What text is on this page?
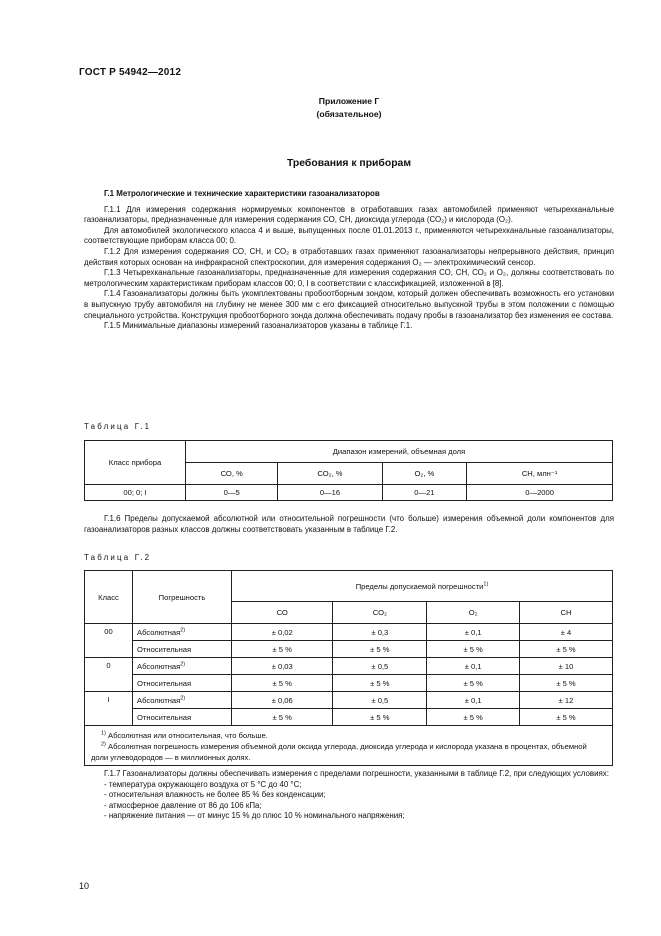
ГОСТ Р 54942—2012
Приложение Г
(обязательное)
Требования к приборам

Г.1 Метрологические и технические характеристики газоанализаторов

Г.1.1 Для измерения содержания нормируемых компонентов в отработавших газах автомобилей применяют четырехканальные газоанализаторы, предназначенные для измерения содержания СО, СН, диоксида углерода (СО₂) и кислорода (О₂).

Для автомобилей экологического класса 4 и выше, выпущенных после 01.01.2013 г., применяются четырехканальные газоанализаторы, соответствующие приборам класса 00; 0.

Г.1.2 Для измерения содержания СО, СН, и СО₂ в отработавших газах применяют газоанализаторы непрерывного действия, принцип действия которых основан на инфракрасной спектроскопии, для измерения содержания О₂ — электрохимический сенсор.

Г.1.3 Четырехканальные газоанализаторы, предназначенные для измерения содержания СО, СН, СО₂ и О₂, должны соответствовать по метрологическим характеристикам приборам классов 00; 0, I в соответствии с классификацией, изложенной в [8].

Г.1.4 Газоанализаторы должны быть укомплектованы пробоотборным зондом, который должен обеспечивать возможность его установки в выпускную трубу автомобиля на глубину не менее 300 мм с его фиксацией относительно выпускной трубы в этом положении с помощью специального устройства. Конструкция пробоотборного зонда должна обеспечивать подачу пробы в газоанализатор без изменения ее состава.

Г.1.5 Минимальные диапазоны измерений газоанализаторов указаны в таблице Г.1.

Таблица Г.1
Класс прибора	Диапазон измерений, объемная доля			
	СО, %	СО₂, %	О₂, %	СН, млн⁻¹
00; 0; I	0—5	0—16	0—21	0—2000

Г.1.6 Пределы допускаемой абсолютной или относительной погрешности (что больше) измерения объемной доли компонентов для газоанализаторов разных классов должны соответствовать указанным в таблице Г.2.

Таблица Г.2
Класс	Погрешность	Пределы допускаемой погрешности$^{1)}$
		СО	СО₂	О₂	СН
00	Абсолютная$^{2)}$	± 0,02	± 0,3	± 0,1	± 4
	Относительная	± 5 %	± 5 %	± 5 %	± 5 %
0	Абсолютная$^{2)}$	± 0,03	± 0,5	± 0,1	± 10
	Относительная	± 5 %	± 5 %	± 5 %	± 5 %
I	Абсолютная$^{2)}$	± 0,06	± 0,5	± 0,1	± 12
	Относительная	± 5 %	± 5 %	± 5 %	± 5 %

$^{1)}$ Абсолютная или относительная, что больше.
$^{2)}$ Абсолютная погрешность измерения объемной доли оксида углерода, диоксида углерода и кислорода указана в процентах, объемной доли углеводородов — в миллионных долях.					

Г.1.7 Газоанализаторы должны обеспечивать измерения с пределами погрешности, указанными в таблице Г.2, при следующих условиях:

- температура окружающего воздуха от 5 °С до 40 °С;

- относительная влажность не более 85 % без конденсации;

- атмосферное давление от 86 до 106 кПа;

- напряжение питания — от минус 15 % до плюс 10 % номинального напряжения;

10
